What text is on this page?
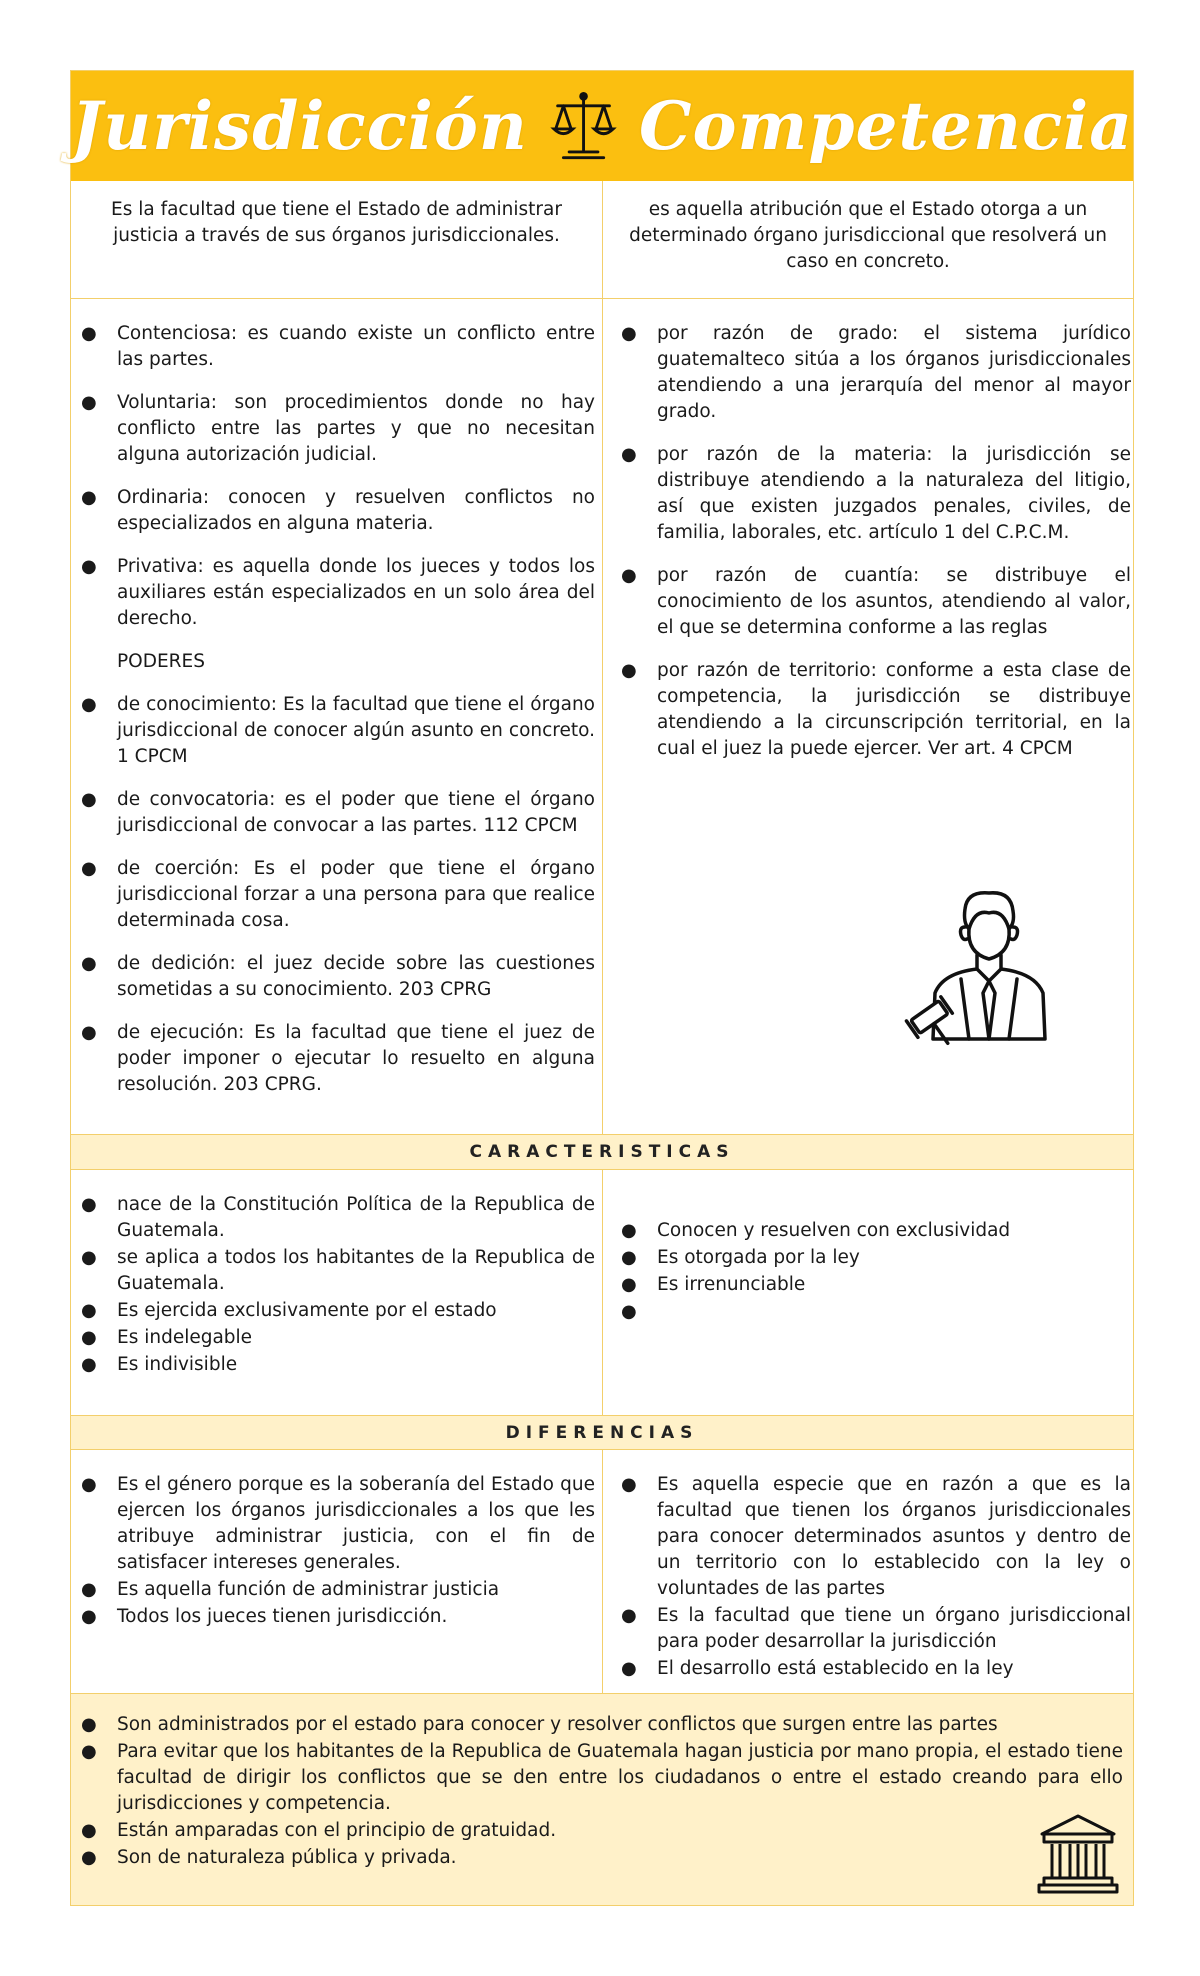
Jurisdicción Competencia
Es la facultad que tiene el Estado de administrar justicia a través de sus órganos jurisdiccionales.
es aquella atribución que el Estado otorga a un determinado órgano jurisdiccional que resolverá un caso en concreto.
● Contenciosa: es cuando existe un conflicto entre las partes.
● Voluntaria: son procedimientos donde no hay conflicto entre las partes y que no necesitan alguna autorización judicial.
● Ordinaria: conocen y resuelven conflictos no especializados en alguna materia.
● Privativa: es aquella donde los jueces y todos los auxiliares están especializados en un solo área del derecho.
PODERES
● de conocimiento: Es la facultad que tiene el órgano jurisdiccional de conocer algún asunto en concreto. 1 CPCM
● de convocatoria: es el poder que tiene el órgano jurisdiccional de convocar a las partes. 112 CPCM
● de coerción: Es el poder que tiene el órgano jurisdiccional forzar a una persona para que realice determinada cosa.
● de dedición: el juez decide sobre las cuestiones sometidas a su conocimiento. 203 CPRG
● de ejecución: Es la facultad que tiene el juez de poder imponer o ejecutar lo resuelto en alguna resolución. 203 CPRG.
● por razón de grado: el sistema jurídico guatemalteco sitúa a los órganos jurisdiccionales atendiendo a una jerarquía del menor al mayor grado.
● por razón de la materia: la jurisdicción se distribuye atendiendo a la naturaleza del litigio, así que existen juzgados penales, civiles, de familia, laborales, etc. artículo 1 del C.P.C.M.
● por razón de cuantía: se distribuye el conocimiento de los asuntos, atendiendo al valor, el que se determina conforme a las reglas
● por razón de territorio: conforme a esta clase de competencia, la jurisdicción se distribuye atendiendo a la circunscripción territorial, en la cual el juez la puede ejercer. Ver art. 4 CPCM
CARACTERISTICAS
● nace de la Constitución Política de la Republica de Guatemala.
● se aplica a todos los habitantes de la Republica de Guatemala.
● Es ejercida exclusivamente por el estado
● Es indelegable
● Es indivisible
● Conocen y resuelven con exclusividad
● Es otorgada por la ley
● Es irrenunciable
●

DIFERENCIAS
● Es el género porque es la soberanía del Estado que ejercen los órganos jurisdiccionales a los que les atribuye administrar justicia, con el fin de satisfacer intereses generales.
● Es aquella función de administrar justicia
● Todos los jueces tienen jurisdicción.
● Es aquella especie que en razón a que es la facultad que tienen los órganos jurisdiccionales para conocer determinados asuntos y dentro de un territorio con lo establecido con la ley o voluntades de las partes
● Es la facultad que tiene un órgano jurisdiccional para poder desarrollar la jurisdicción
● El desarrollo está establecido en la ley
● Son administrados por el estado para conocer y resolver conflictos que surgen entre las partes
● Para evitar que los habitantes de la Republica de Guatemala hagan justicia por mano propia, el estado tiene facultad de dirigir los conflictos que se den entre los ciudadanos o entre el estado creando para ello jurisdicciones y competencia.
● Están amparadas con el principio de gratuidad.
● Son de naturaleza pública y privada.
